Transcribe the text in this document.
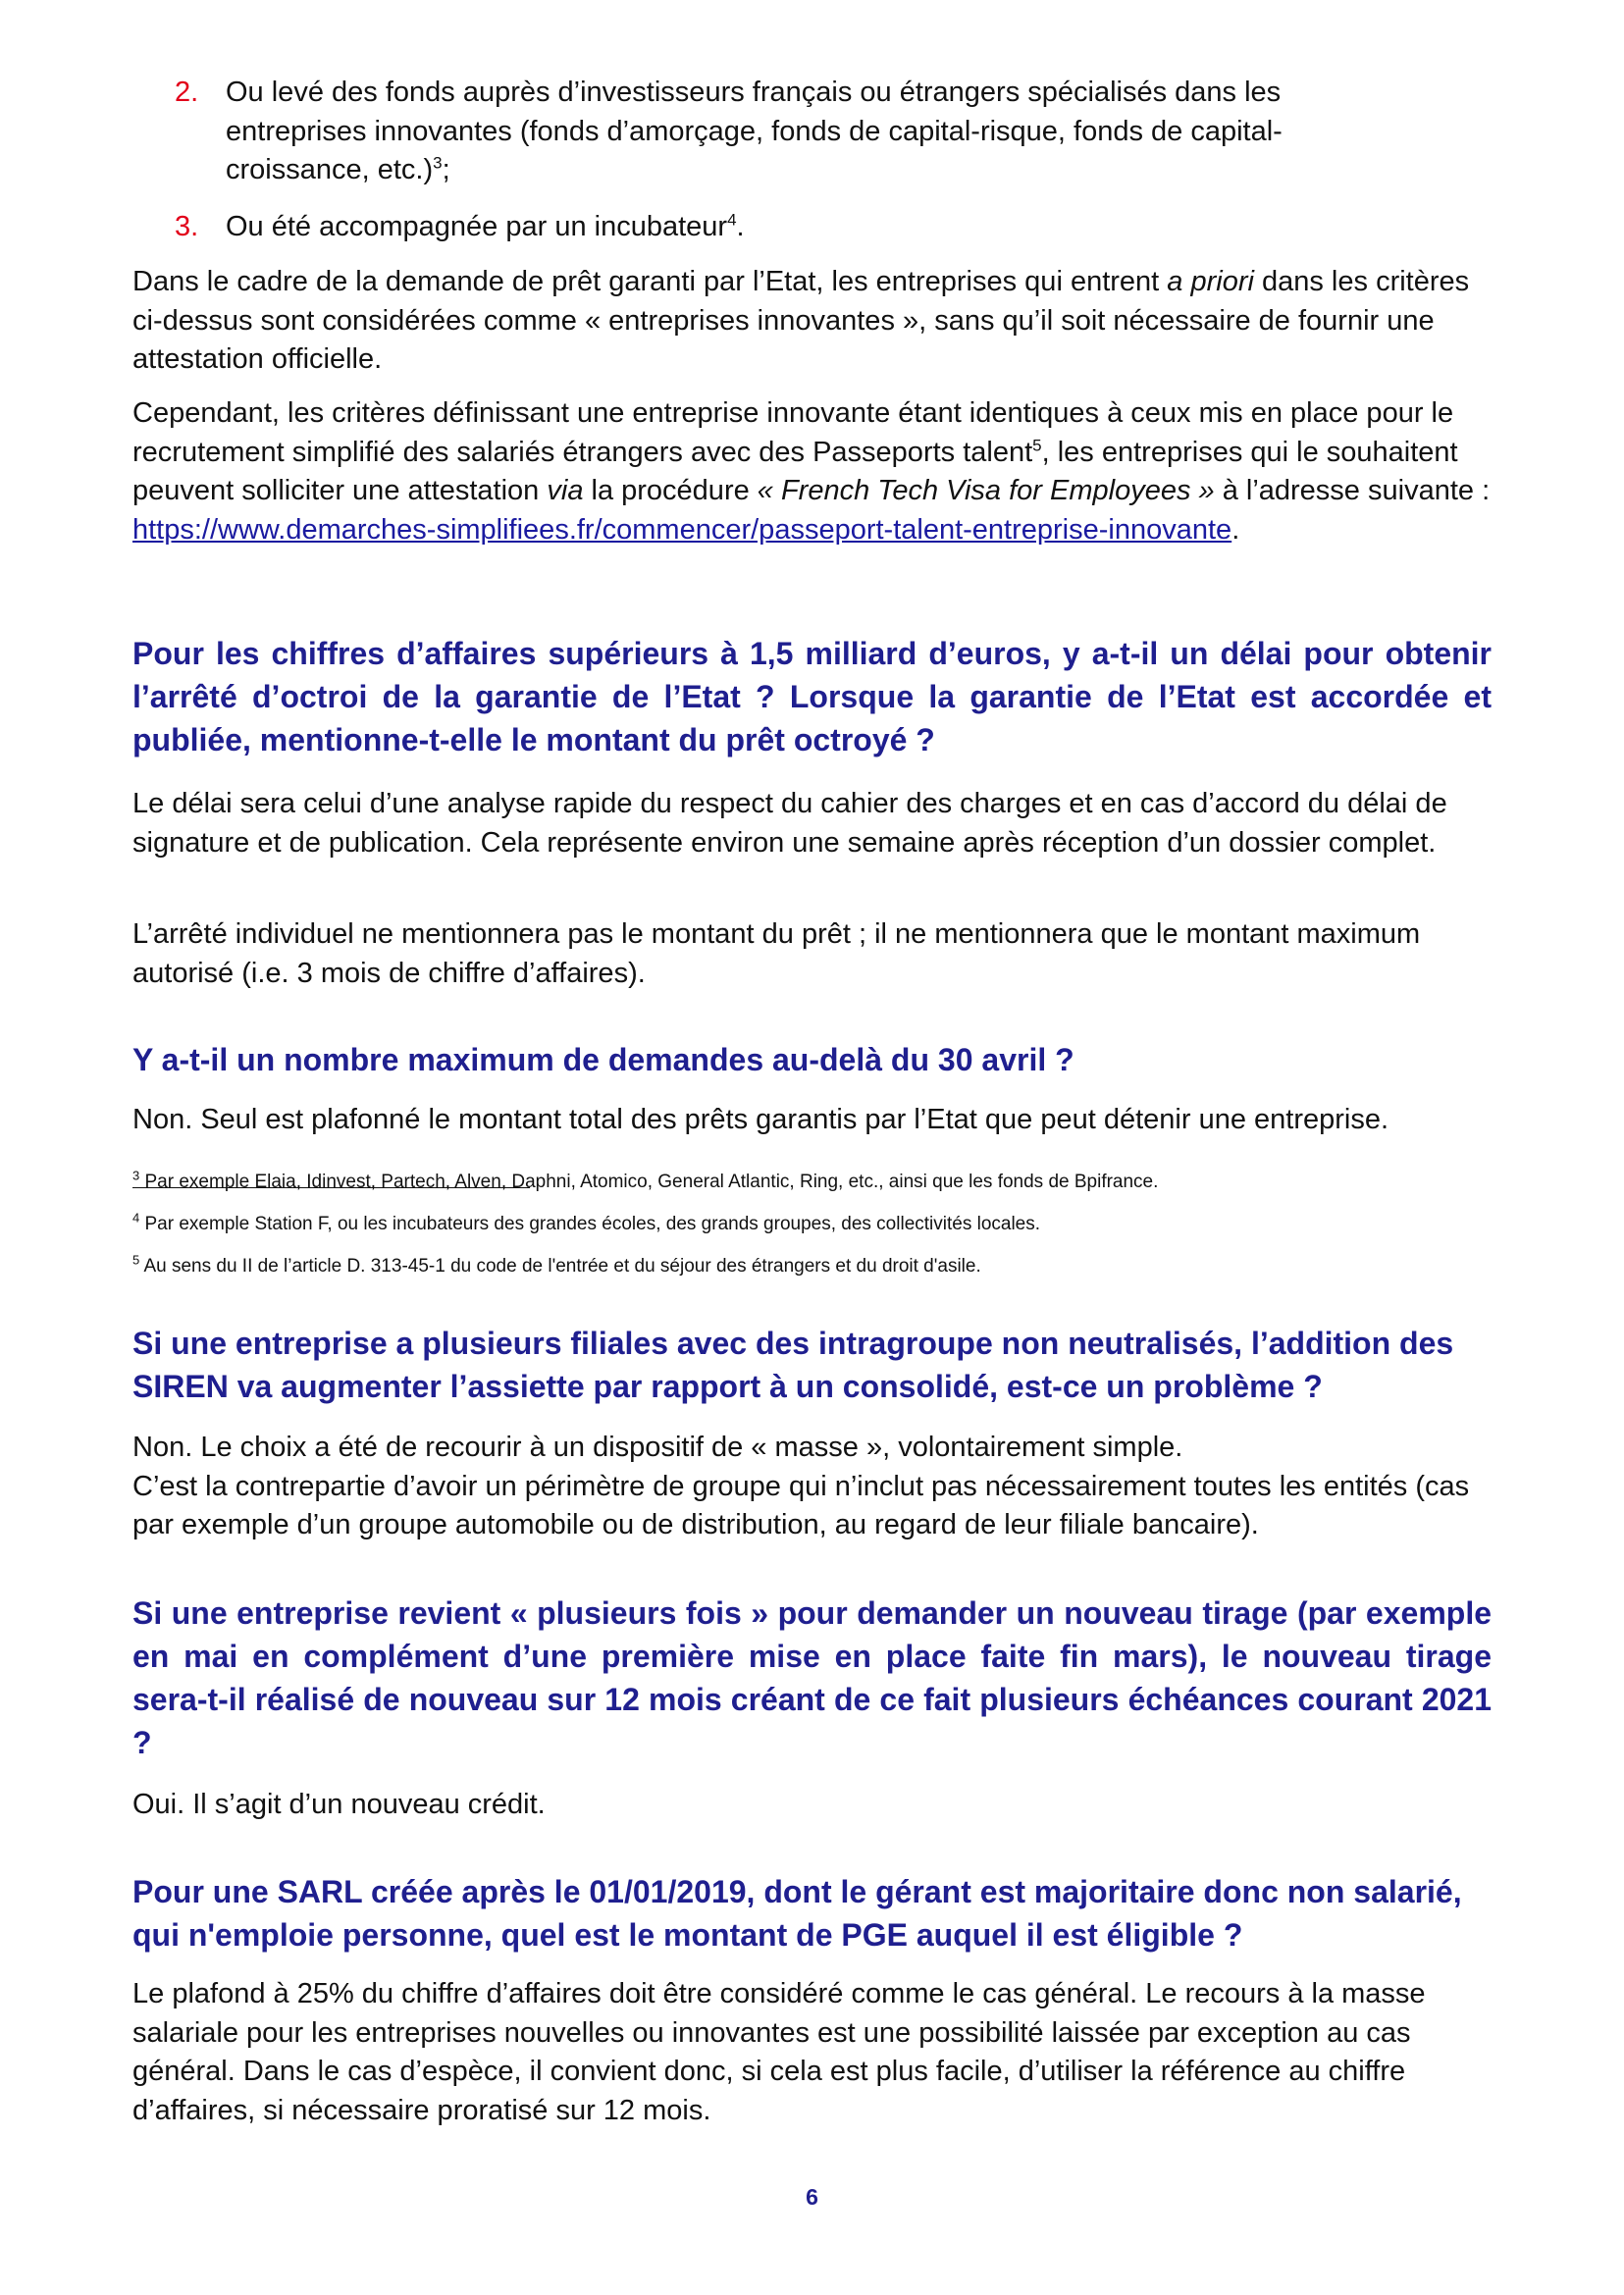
2. Ou levé des fonds auprès d’investisseurs français ou étrangers spécialisés dans les entreprises innovantes (fonds d’amorçage, fonds de capital-risque, fonds de capital-croissance, etc.)$^3$;
3. Ou été accompagnée par un incubateur$^4$.

Dans le cadre de la demande de prêt garanti par l’Etat, les entreprises qui entrent a priori dans les critères ci-dessus sont considérées comme « entreprises innovantes », sans qu’il soit nécessaire de fournir une attestation officielle.

Cependant, les critères définissant une entreprise innovante étant identiques à ceux mis en place pour le recrutement simplifié des salariés étrangers avec des Passeports talent$^5$, les entreprises qui le souhaitent peuvent solliciter une attestation via la procédure « French Tech Visa for Employees » à l’adresse suivante : https://www.demarches-simplifiees.fr/commencer/passeport-talent-entreprise-innovante.

Pour les chiffres d’affaires supérieurs à 1,5 milliard d’euros, y a-t-il un délai pour obtenir l’arrêté d’octroi de la garantie de l’Etat ? Lorsque la garantie de l’Etat est accordée et publiée, mentionne-t-elle le montant du prêt octroyé ?

Le délai sera celui d’une analyse rapide du respect du cahier des charges et en cas d’accord du délai de signature et de publication. Cela représente environ une semaine après réception d’un dossier complet.

L’arrêté individuel ne mentionnera pas le montant du prêt ; il ne mentionnera que le montant maximum autorisé (i.e. 3 mois de chiffre d’affaires).

Y a-t-il un nombre maximum de demandes au-delà du 30 avril ?

Non. Seul est plafonné le montant total des prêts garantis par l’Etat que peut détenir une entreprise.

$^3$ Par exemple Elaia, Idinvest, Partech, Alven, Daphni, Atomico, General Atlantic, Ring, etc., ainsi que les fonds de Bpifrance.
$^4$ Par exemple Station F, ou les incubateurs des grandes écoles, des grands groupes, des collectivités locales.
$^5$ Au sens du II de l’article D. 313-45-1 du code de l'entrée et du séjour des étrangers et du droit d'asile.
Si une entreprise a plusieurs filiales avec des intragroupe non neutralisés, l’addition des SIREN va augmenter l’assiette par rapport à un consolidé, est-ce un problème ?

Non. Le choix a été de recourir à un dispositif de « masse », volontairement simple.
C’est la contrepartie d’avoir un périmètre de groupe qui n’inclut pas nécessairement toutes les entités (cas par exemple d’un groupe automobile ou de distribution, au regard de leur filiale bancaire).

Si une entreprise revient « plusieurs fois » pour demander un nouveau tirage (par exemple en mai en complément d’une première mise en place faite fin mars), le nouveau tirage sera-t-il réalisé de nouveau sur 12 mois créant de ce fait plusieurs échéances courant 2021 ?

Oui. Il s’agit d’un nouveau crédit.

Pour une SARL créée après le 01/01/2019, dont le gérant est majoritaire donc non salarié, qui n'emploie personne, quel est le montant de PGE auquel il est éligible ?

Le plafond à 25% du chiffre d’affaires doit être considéré comme le cas général. Le recours à la masse salariale pour les entreprises nouvelles ou innovantes est une possibilité laissée par exception au cas général. Dans le cas d’espèce, il convient donc, si cela est plus facile, d’utiliser la référence au chiffre d’affaires, si nécessaire proratisé sur 12 mois.

6
